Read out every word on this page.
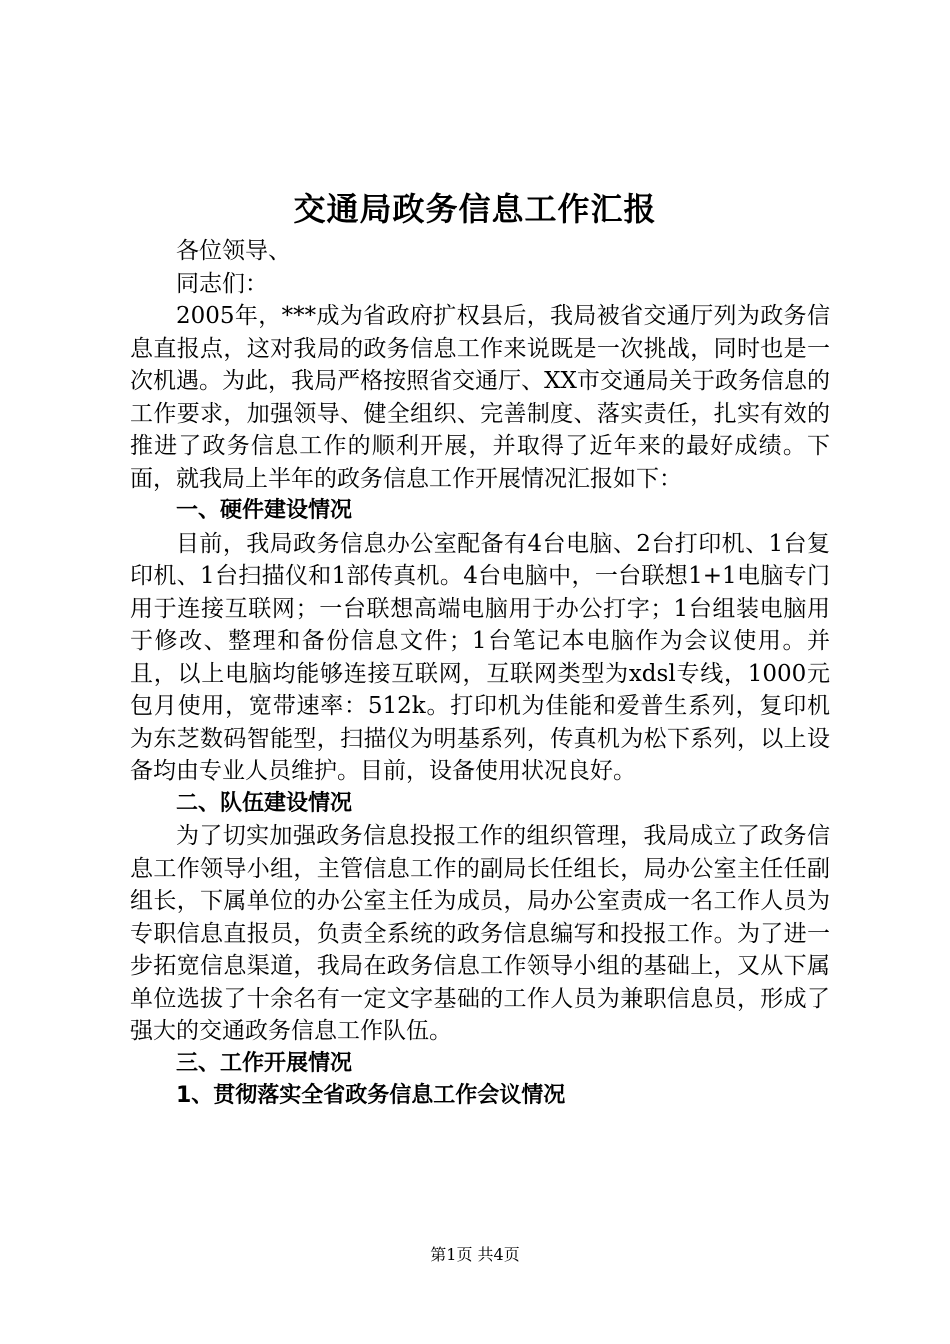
交通局政务信息工作汇报

各位领导、

同志们：

2005年，***成为省政府扩权县后，我局被省交通厅列为政务信息直报点，这对我局的政务信息工作来说既是一次挑战，同时也是一次机遇。为此，我局严格按照省交通厅、XX市交通局关于政务信息的工作要求，加强领导、健全组织、完善制度、落实责任，扎实有效的推进了政务信息工作的顺利开展，并取得了近年来的最好成绩。下面，就我局上半年的政务信息工作开展情况汇报如下：

一、硬件建设情况

目前，我局政务信息办公室配备有4台电脑、2台打印机、1台复印机、1台扫描仪和1部传真机。4台电脑中，一台联想1+1电脑专门用于连接互联网；一台联想高端电脑用于办公打字；1台组装电脑用于修改、整理和备份信息文件；1台笔记本电脑作为会议使用。并且，以上电脑均能够连接互联网，互联网类型为xdsl专线，1000元包月使用，宽带速率：512k。打印机为佳能和爱普生系列，复印机为东芝数码智能型，扫描仪为明基系列，传真机为松下系列，以上设备均由专业人员维护。目前，设备使用状况良好。

二、队伍建设情况

为了切实加强政务信息投报工作的组织管理，我局成立了政务信息工作领导小组，主管信息工作的副局长任组长，局办公室主任任副组长，下属单位的办公室主任为成员，局办公室责成一名工作人员为专职信息直报员，负责全系统的政务信息编写和投报工作。为了进一步拓宽信息渠道，我局在政务信息工作领导小组的基础上，又从下属单位选拔了十余名有一定文字基础的工作人员为兼职信息员，形成了强大的交通政务信息工作队伍。

三、工作开展情况

1、贯彻落实全省政务信息工作会议情况

第1页 共4页
